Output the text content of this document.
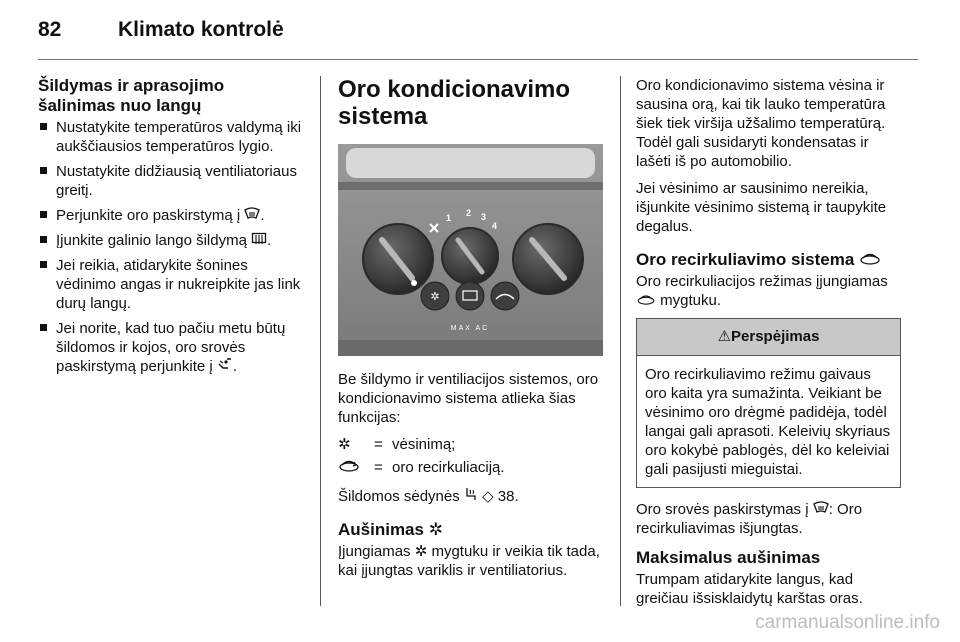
82	Klimato kontrolė
Šildymas ir aprasojimo šalinimas nuo langų
Nustatykite temperatūros valdymą iki aukščiausios temperatūros lygio.
Nustatykite didžiausią ventiliatoriaus greitį.
Perjunkite oro paskirstymą į .
Įjunkite galinio lango šildymą .
Jei reikia, atidarykite šonines vėdinimo angas ir nukreipkite jas link durų langų.
Jei norite, kad tuo pačiu metu būtų šildomos ir kojos, oro srovės paskirstymą perjunkite į .
Oro kondicionavimo sistema
1 2 3
4
✲
MAX AC

Be šildymo ir ventiliacijos sistemos, oro kondicionavimo sistema atlieka šias funkcijas:

✲	= vėsinimą;
= oro recirkuliaciją.

Šildomos sėdynės ◇ 38.

Aušinimas ✲

Įjungiamas ✲ mygtuku ir veikia tik tada, kai įjungtas variklis ir ventiliatorius.

Oro kondicionavimo sistema vėsina ir sausina orą, kai tik lauko temperatūra šiek tiek viršija užšalimo temperatūrą. Todėl gali susidaryti kondensatas ir lašėti iš po automobilio.

Jei vėsinimo ar sausinimo nereikia, išjunkite vėsinimo sistemą ir taupykite degalus.

Oro recirkuliavimo sistema

Oro recirkuliacijos režimas įjungiamas  mygtuku.

⚠Perspėjimas
Oro recirkuliavimo režimu gaivaus oro kaita yra sumažinta. Veikiant be vėsinimo oro drėgmė padidėja, todėl langai gali aprasoti. Keleivių skyriaus oro kokybė pablogės, dėl ko keleiviai gali pasijusti mieguistai.

Oro srovės paskirstymas į : Oro recirkuliavimas išjungtas.

Maksimalus aušinimas

Trumpam atidarykite langus, kad greičiau išsisklaidytų karštas oras.

carmanualsonline.info
